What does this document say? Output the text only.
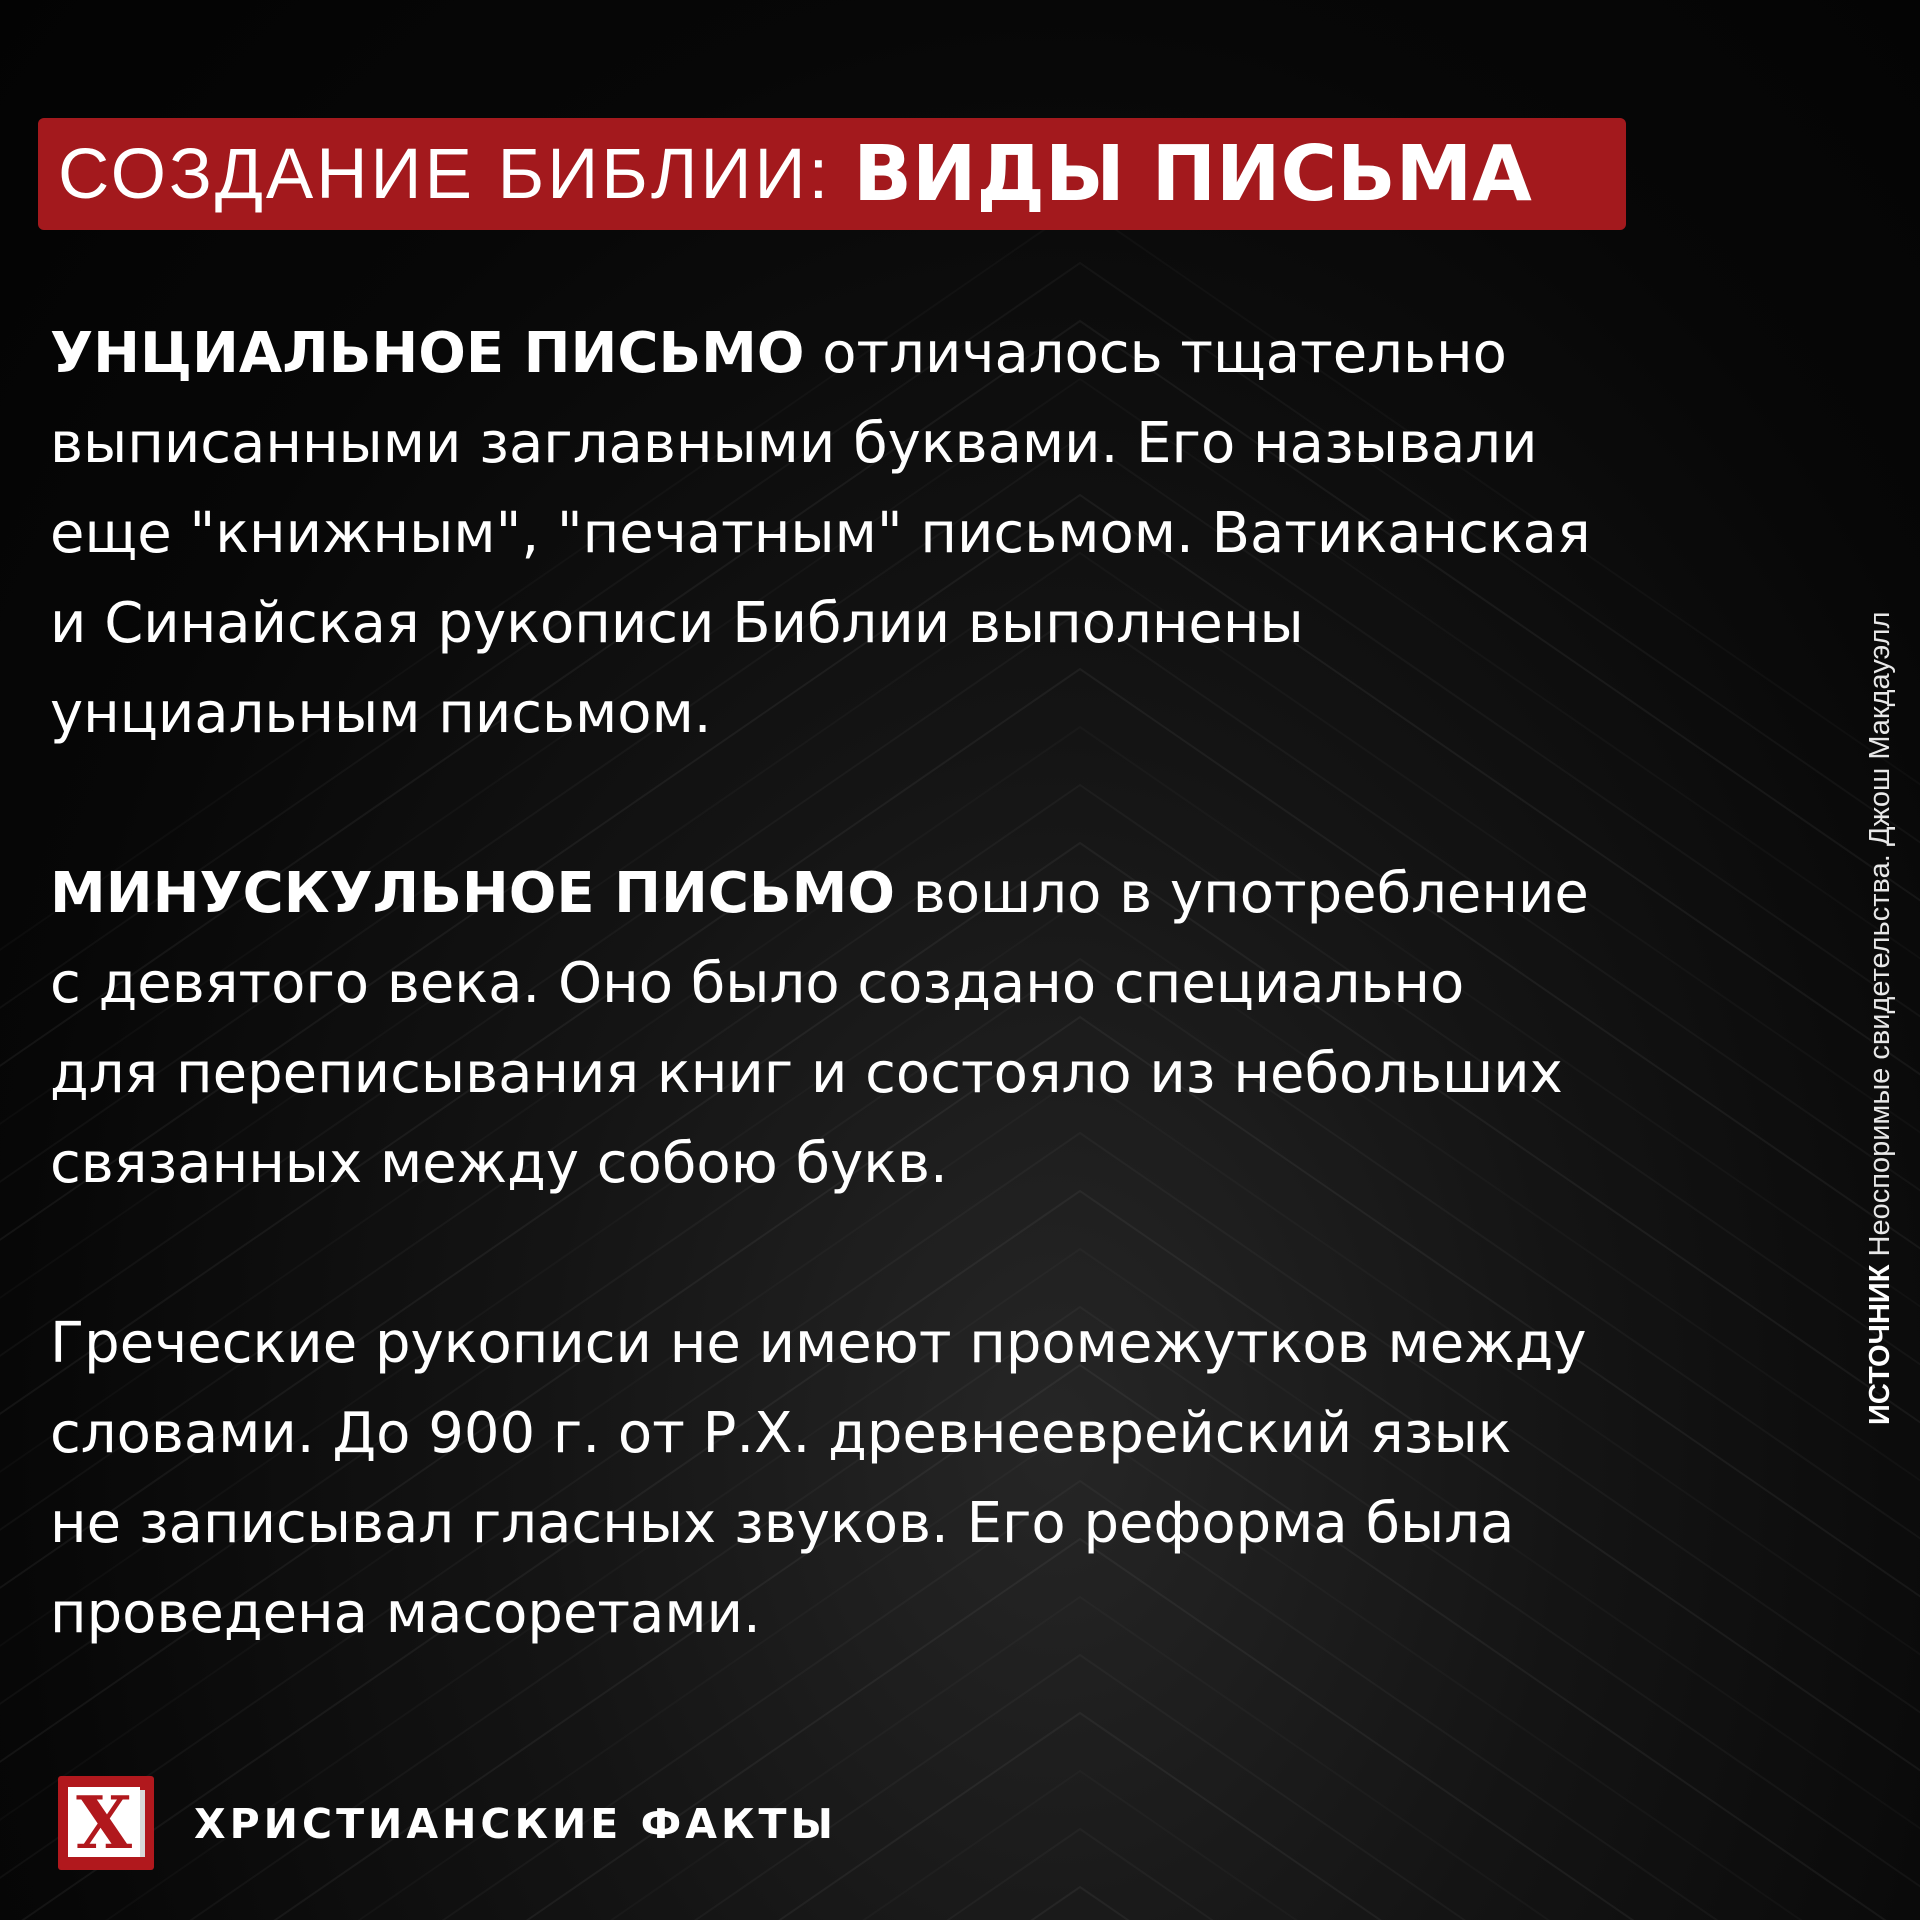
СОЗДАНИЕ БИБЛИИ: ВИДЫ ПИСЬМА

УНЦИАЛЬНОЕ ПИСЬМО отличалось тщательно
выписанными заглавными буквами. Его называли
еще "книжным", "печатным" письмом. Ватиканская
и Синайская рукописи Библии выполнены
унциальным письмом.

МИНУСКУЛЬНОЕ ПИСЬМО вошло в употребление
с девятого века. Оно было создано специально
для переписывания книг и состояло из небольших
связанных между собою букв.

Греческие рукописи не имеют промежутков между
словами. До 900 г. от Р.Х. древнееврейский язык
не записывал гласных звуков. Его реформа была
проведена масоретами.

ИСТОЧНИК Неоспоримые свидетельства. Джош Макдауэлл
X ХРИСТИАНСКИЕ ФАКТЫ
